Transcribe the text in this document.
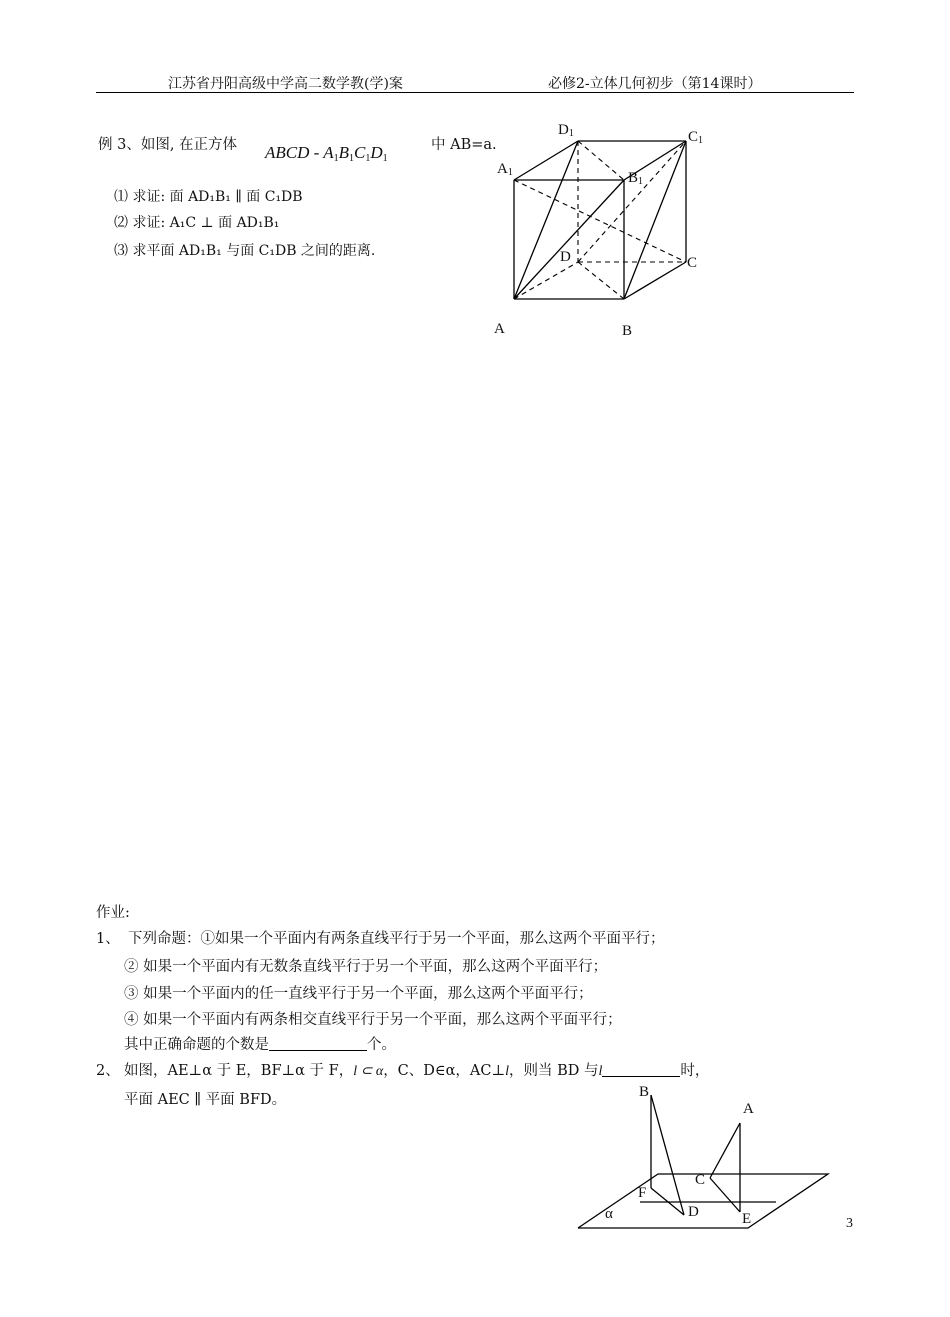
江苏省丹阳高级中学高二数学教(学)案	必修2-立体几何初步（第14课时）
例 3、如图, 在正方体 ABCD - $A_1B_1C_1D_1$
中 AB=a.
⑴ 求证: 面 AD₁B₁ ∥ 面 C₁DB
⑵ 求证: A₁C ⊥ 面 AD₁B₁
⑶ 求平面 AD₁B₁ 与面 C₁DB 之间的距离.
$D_1$	$C_1$
$A_1$	$B_1$
D	C
A	B
作业:
1、 下列命题：①如果一个平面内有两条直线平行于另一个平面，那么这两个平面平行；
② 如果一个平面内有无数条直线平行于另一个平面，那么这两个平面平行；
③ 如果一个平面内的任一直线平行于另一个平面，那么这两个平面平行；
④ 如果一个平面内有两条相交直线平行于另一个平面，那么这两个平面平行；
其中正确命题的个数是	个。
2、 如图，AE⊥α 于 E，BF⊥α 于 F，l ⊂ α，C、D∈α，AC⊥l，则当 BD 与l	时，
平面 AEC ∥ 平面 BFD。	B
A
C
F
D	E
α
3
